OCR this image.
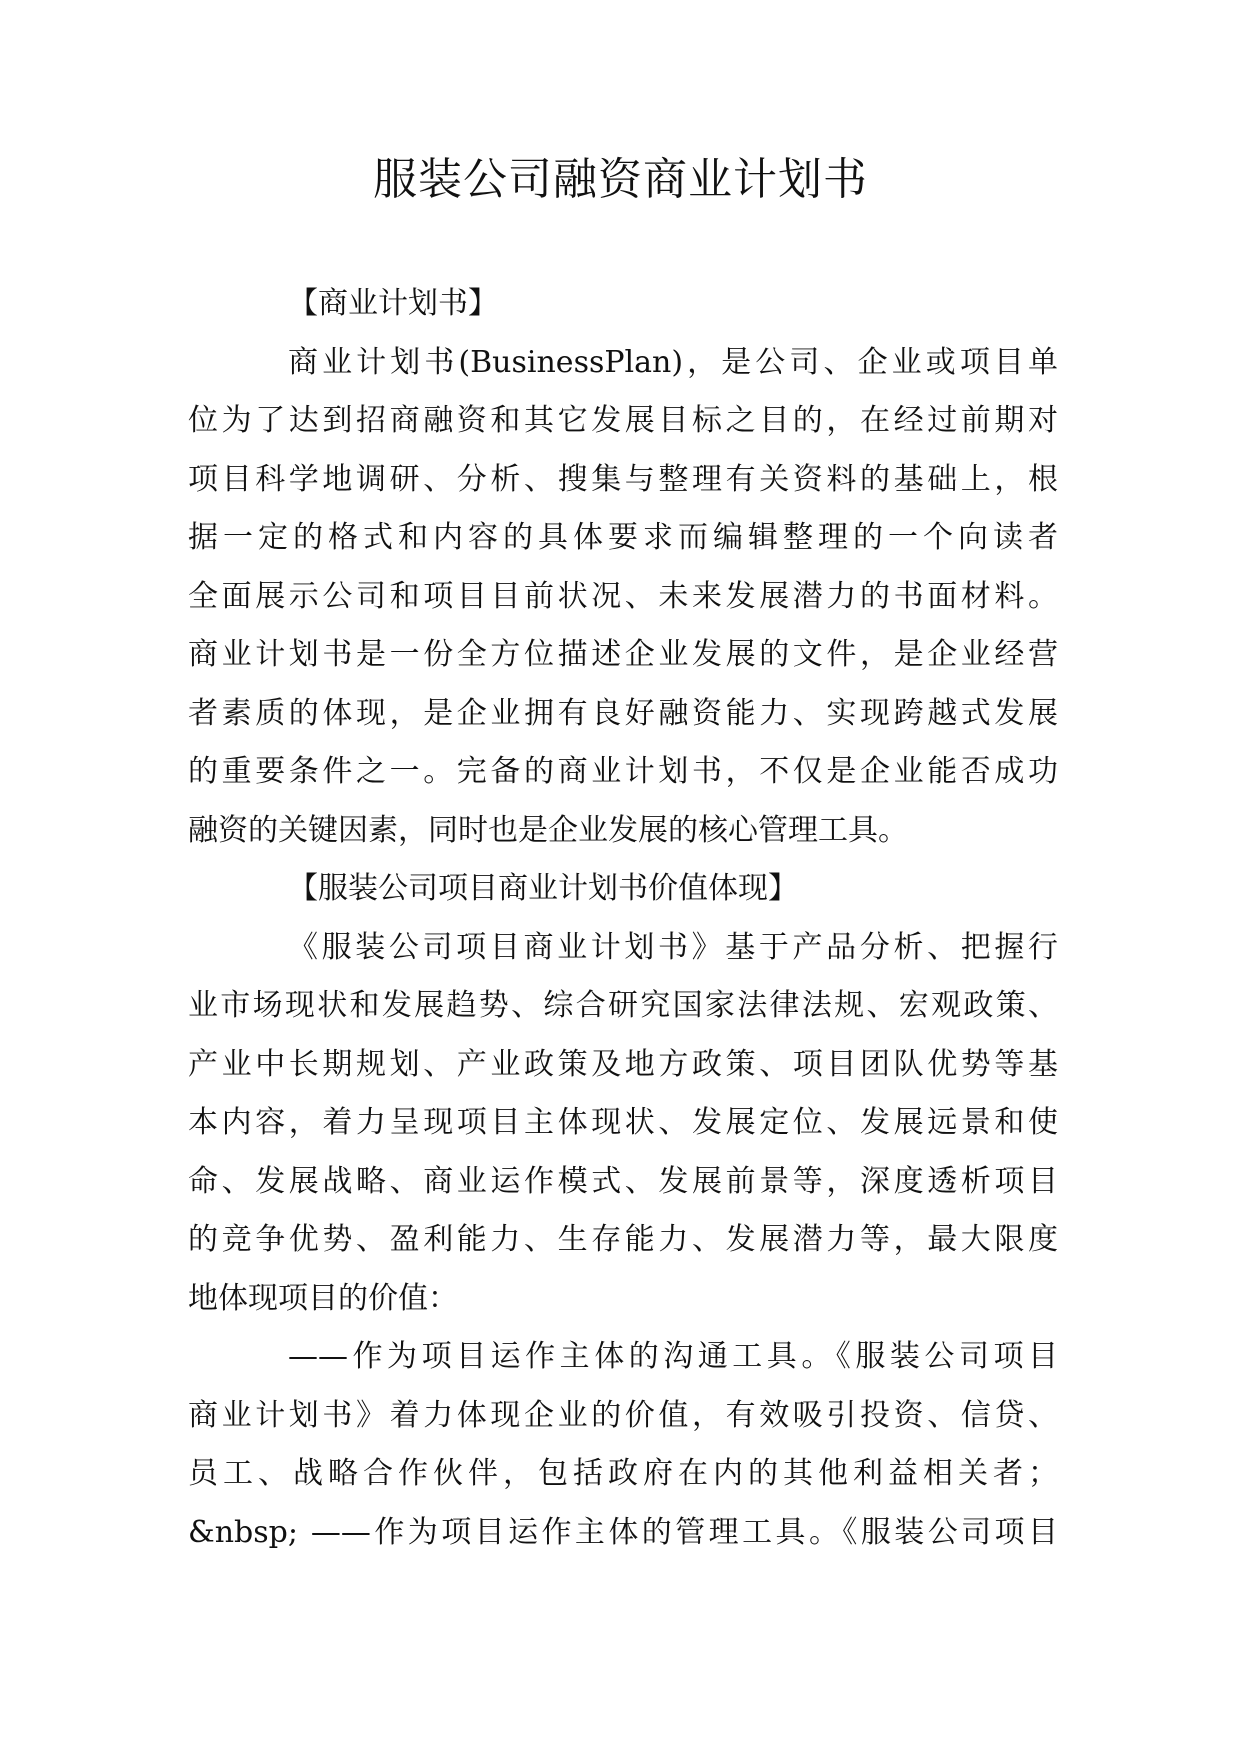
服装公司融资商业计划书
【商业计划书】
商业计划书(BusinessPlan)，是公司、企业或项目单
位为了达到招商融资和其它发展目标之目的，在经过前期对
项目科学地调研、分析、搜集与整理有关资料的基础上，根
据一定的格式和内容的具体要求而编辑整理的一个向读者
全面展示公司和项目目前状况、未来发展潜力的书面材料。
商业计划书是一份全方位描述企业发展的文件，是企业经营
者素质的体现，是企业拥有良好融资能力、实现跨越式发展
的重要条件之一。完备的商业计划书，不仅是企业能否成功
融资的关键因素，同时也是企业发展的核心管理工具。
【服装公司项目商业计划书价值体现】
《服装公司项目商业计划书》基于产品分析、把握行
业市场现状和发展趋势、综合研究国家法律法规、宏观政策、
产业中长期规划、产业政策及地方政策、项目团队优势等基
本内容，着力呈现项目主体现状、发展定位、发展远景和使
命、发展战略、商业运作模式、发展前景等，深度透析项目
的竞争优势、盈利能力、生存能力、发展潜力等，最大限度
地体现项目的价值：
——作为项目运作主体的沟通工具。《服装公司项目
商业计划书》着力体现企业的价值，有效吸引投资、信贷、
员工、战略合作伙伴，包括政府在内的其他利益相关者；
&nbsp; ——作为项目运作主体的管理工具。《服装公司项目
